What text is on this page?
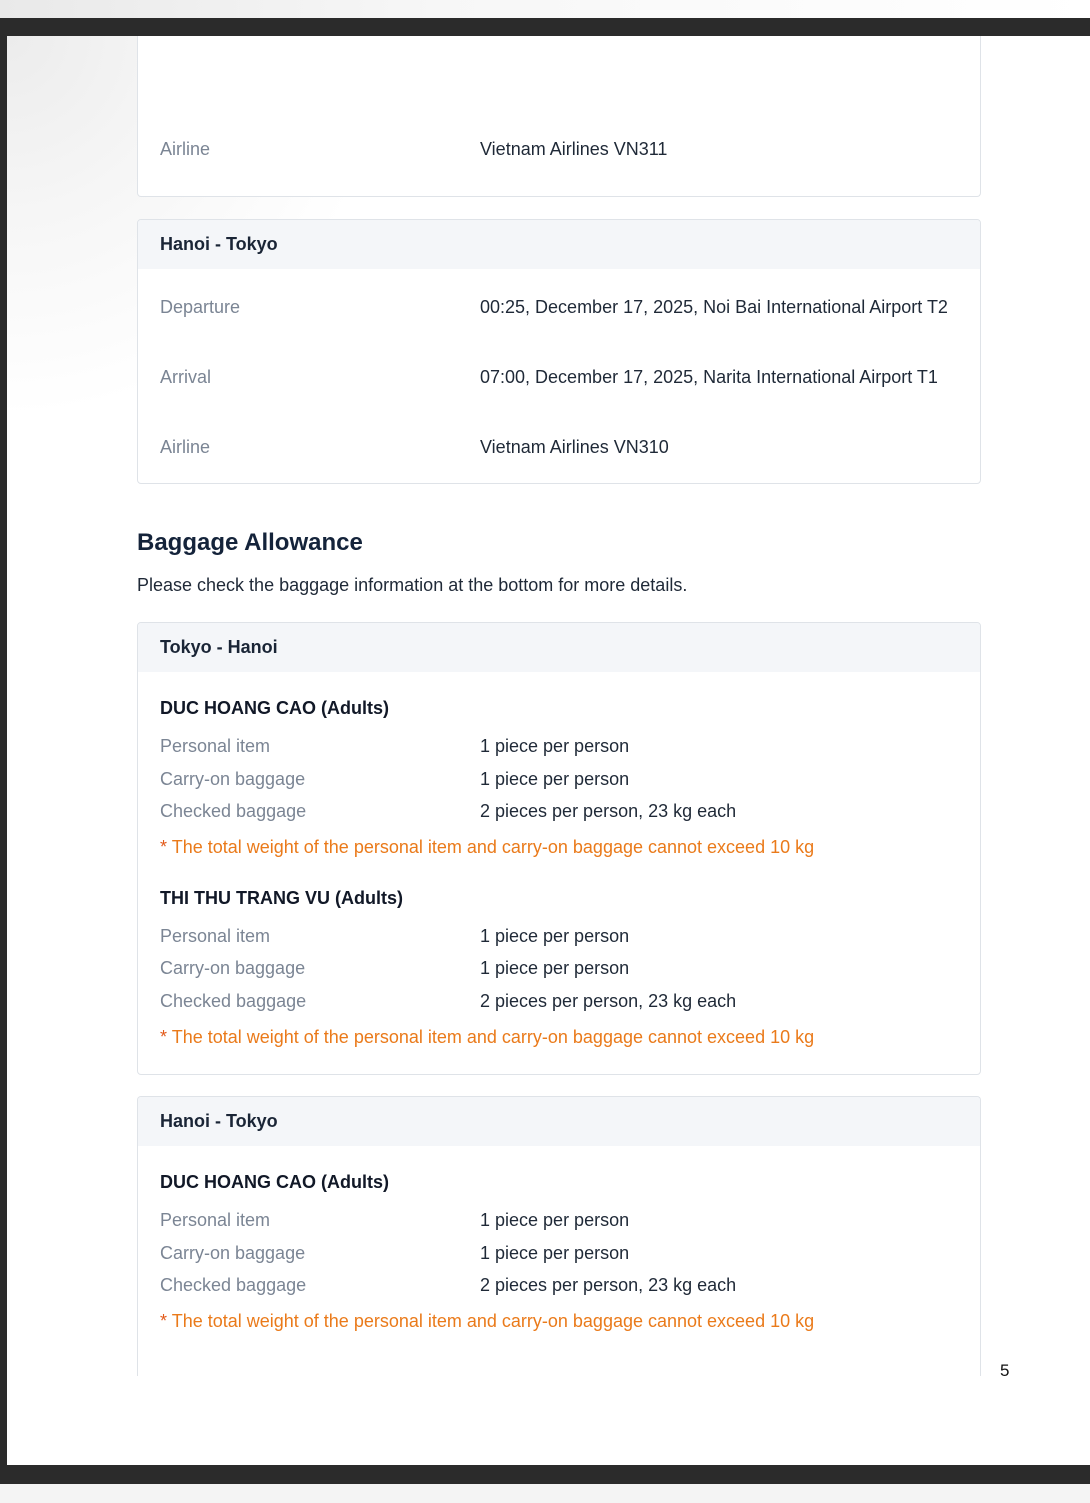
Airline	Vietnam Airlines VN311
Hanoi - Tokyo
Departure	00:25, December 17, 2025, Noi Bai International Airport T2
Arrival	07:00, December 17, 2025, Narita International Airport T1
Airline	Vietnam Airlines VN310
Baggage Allowance
Please check the baggage information at the bottom for more details.
Tokyo - Hanoi
DUC HOANG CAO (Adults)
Personal item	1 piece per person
Carry-on baggage	1 piece per person
Checked baggage	2 pieces per person, 23 kg each
* The total weight of the personal item and carry-on baggage cannot exceed 10 kg
THI THU TRANG VU (Adults)
Personal item	1 piece per person
Carry-on baggage	1 piece per person
Checked baggage	2 pieces per person, 23 kg each
* The total weight of the personal item and carry-on baggage cannot exceed 10 kg
Hanoi - Tokyo
DUC HOANG CAO (Adults)
Personal item	1 piece per person
Carry-on baggage	1 piece per person
Checked baggage	2 pieces per person, 23 kg each
* The total weight of the personal item and carry-on baggage cannot exceed 10 kg
5
